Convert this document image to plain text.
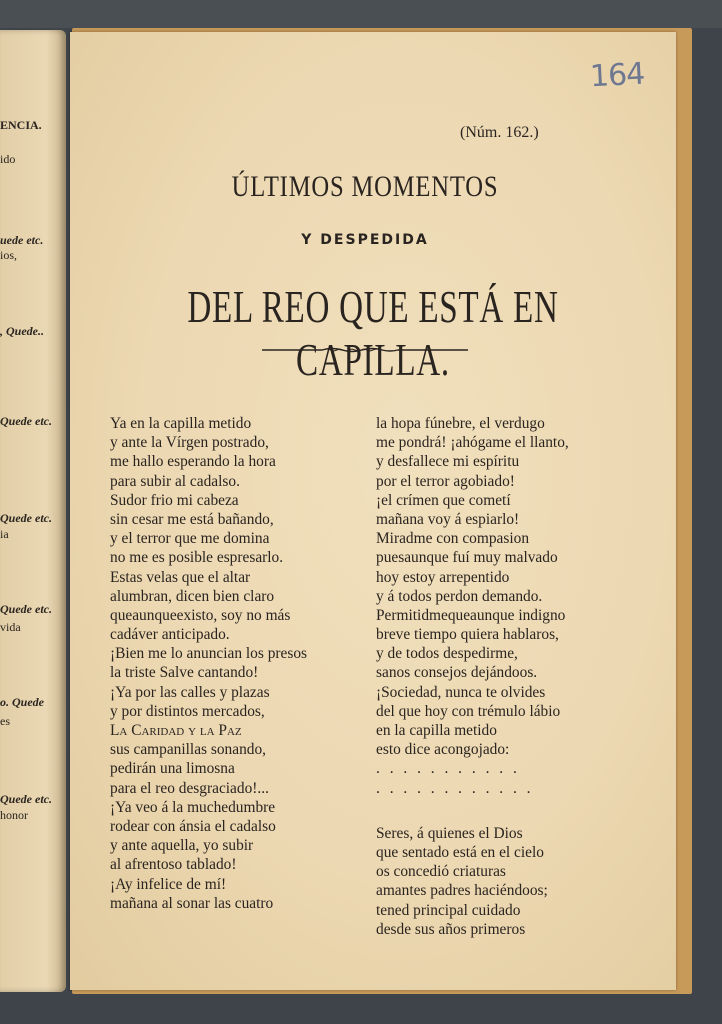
ENCIA.
ido
uede etc.
ios,
, Quede..
Quede etc.
Quede etc.
ia
Quede etc.
vida
o. Quede
es
Quede etc.
honor
164
(Núm. 162.)
ÚLTIMOS MOMENTOS
Y DESPEDIDA
DEL REO QUE ESTÁ EN CAPILLA.
Ya en la capilla metido
y ante la Vírgen postrado,
me hallo esperando la hora
para subir al cadalso.
Sudor frio mi cabeza
sin cesar me está bañando,
y el terror que me domina
no me es posible espresarlo.
Estas velas que el altar
alumbran, dicen bien claro
queaunqueexisto, soy no más
cadáver anticipado.
¡Bien me lo anuncian los presos
la triste Salve cantando!
¡Ya por las calles y plazas
y por distintos mercados,
La Caridad y la Paz
sus campanillas sonando,
pedirán una limosna
para el reo desgraciado!...
¡Ya veo á la muchedumbre
rodear con ánsia el cadalso
y ante aquella, yo subir
al afrentoso tablado!
¡Ay infelice de mí!
mañana al sonar las cuatro
la hopa fúnebre, el verdugo
me pondrá! ¡ahógame el llanto,
y desfallece mi espíritu
por el terror agobiado!
¡el crímen que cometí
mañana voy á espiarlo!
Miradme con compasion
puesaunque fuí muy malvado
hoy estoy arrepentido
y á todos perdon demando.
Permitidmequeaunque indigno
breve tiempo quiera hablaros,
y de todos despedirme,
sanos consejos dejándoos.
¡Sociedad, nunca te olvides
del que hoy con trémulo lábio
en la capilla metido
esto dice acongojado:
. . . . . . . . . . .
. . . . . . . . . . . .
Seres, á quienes el Dios
que sentado está en el cielo
os concedió criaturas
amantes padres haciéndoos;
tened principal cuidado
desde sus años primeros
